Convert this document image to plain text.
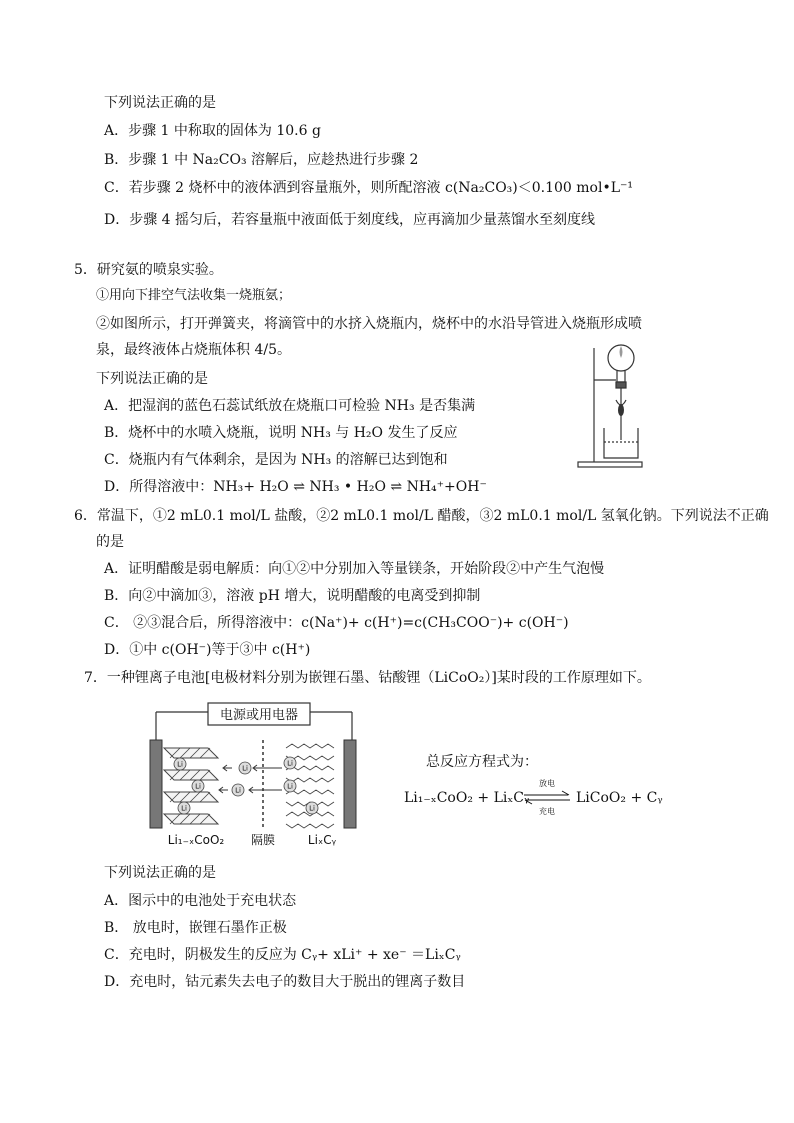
下列说法正确的是
A．步骤 1 中称取的固体为 10.6 g
B．步骤 1 中 Na₂CO₃ 溶解后，应趁热进行步骤 2
C．若步骤 2 烧杯中的液体洒到容量瓶外，则所配溶液 c(Na₂CO₃)＜0.100 mol•L⁻¹
D．步骤 4 摇匀后，若容量瓶中液面低于刻度线，应再滴加少量蒸馏水至刻度线
5．研究氨的喷泉实验。
①用向下排空气法收集一烧瓶氨；
②如图所示，打开弹簧夹，将滴管中的水挤入烧瓶内，烧杯中的水沿导管进入烧瓶形成喷
泉，最终液体占烧瓶体积 4/5。
下列说法正确的是
A．把湿润的蓝色石蕊试纸放在烧瓶口可检验 NH₃ 是否集满
B．烧杯中的水喷入烧瓶，说明 NH₃ 与 H₂O 发生了反应
C．烧瓶内有气体剩余，是因为 NH₃ 的溶解已达到饱和
D．所得溶液中：NH₃+ H₂O ⇌ NH₃ • H₂O ⇌ NH₄⁺+OH⁻
6．常温下，①2 mL0.1 mol/L 盐酸，②2 mL0.1 mol/L 醋酸，③2 mL0.1 mol/L 氢氧化钠。下列说法不正确
的是
A．证明醋酸是弱电解质：向①②中分别加入等量镁条，开始阶段②中产生气泡慢
B．向②中滴加③，溶液 pH 增大，说明醋酸的电离受到抑制
C． ②③混合后，所得溶液中：c(Na⁺)+ c(H⁺)=c(CH₃COO⁻)+ c(OH⁻)
D．①中 c(OH⁻)等于③中 c(H⁺)
7．一种锂离子电池[电极材料分别为嵌锂石墨、钴酸锂（LiCoO₂）]某时段的工作原理如下。
电源或用电器
Li
Li
Li
Li
Li
Li
Li
Li
Li₁₋ₓCoO₂ 隔膜	LiₓCᵧ
总反应方程式为：
Li₁₋ₓCoO₂ + LiₓCᵧ
放电
充电
LiCoO₂ + Cᵧ
下列说法正确的是
A．图示中的电池处于充电状态
B． 放电时，嵌锂石墨作正极
C．充电时，阴极发生的反应为 Cᵧ+ xLi⁺ + xe⁻ ＝LiₓCᵧ
D．充电时，钴元素失去电子的数目大于脱出的锂离子数目
